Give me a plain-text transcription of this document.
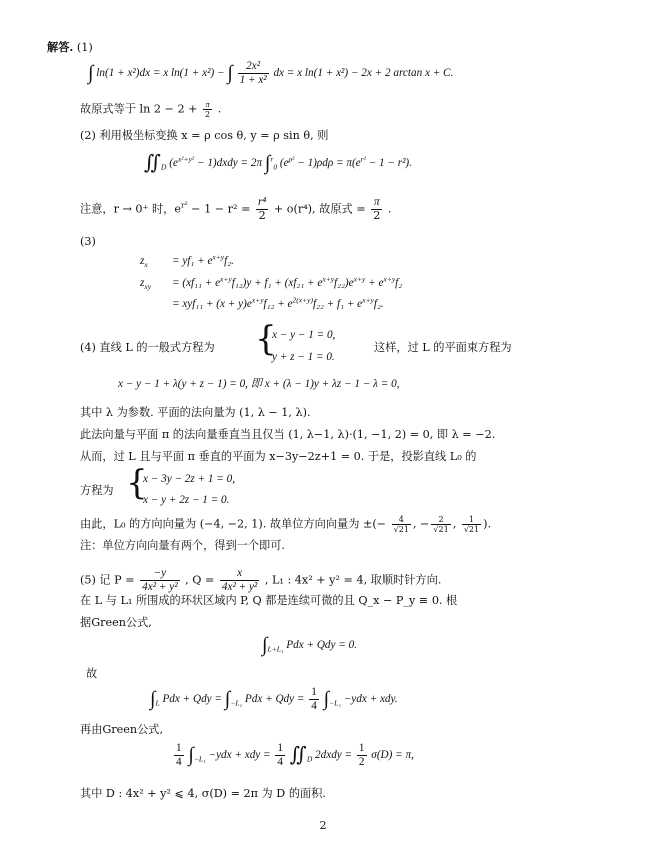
解答. (1)
∫ ln(1 + x²)dx = x ln(1 + x²) − ∫ $\frac{\text{2x²}}{\text{1 + x²}}$ dx = x ln(1 + x²) − 2x + 2 arctan x + C.
故原式等于 $\ln 2 - 2 + \frac{\pi}{2}$ .
(2) 利用极坐标变换 x = ρ cos θ, y = ρ sin θ, 则
$∬_D$ ($e^{x^2+y^2}$ − 1)dxdy = 2π ∫$^r_0$ $(e^{\rho^2} - 1)\rho d\rho = \pi(e^{r^2} - 1 - r^2)$.
注意，r → 0⁺ 时，$e^{r^2} - 1 - r^2 = \frac{\text{r⁴}}{2} + o(r^4)$, 故原式 = $\frac{\pi}{2}$ .
(3)
$z_x = yf_1 + e^{x+y}f_2$.
$z_{xy} = (xf_{11} + e^{x+y}f_{12})y + f_1 + (xf_{21} + e^{x+y}f_{22})e^{x+y} + e^{x+y}f_2$
= $xyf_{11} + (x + y)e^{x+y}f_{12} + e^{2(x+y)}f_{22} + f_1 + e^{x+y}f_2$.
(4) 直线 L 的一般式方程为 {
x − y − 1 = 0,
y + z − 1 = 0.
这样，过 L 的平面束方程为
x − y − 1 + λ(y + z − 1) = 0, 即 x + (λ − 1)y + λz − 1 − λ = 0,
其中 λ 为参数. 平面的法向量为 (1, λ − 1, λ).
此法向量与平面 π 的法向量垂直当且仅当 (1, λ−1, λ)·(1, −1, 2) = 0, 即 λ = −2.
从而，过 L 且与平面 π 垂直的平面为 x−3y−2z+1 = 0. 于是，投影直线 L₀ 的
方程为 {
x − 3y − 2z + 1 = 0,
x − y + 2z − 1 = 0.
由此，L₀ 的方向向量为 (−4, −2, 1). 故单位方向向量为 ±(− $\frac{4}{√21}$ , − $\frac{2}{√21}$ , $\frac{1}{√21}$ ).
注：单位方向向量有两个，得到一个即可.
(5) 记 $P = \frac{-y}{\text{4x² + y²}}$ , $Q = \frac{x}{\text{4x² + y²}}$ , L₁ : 4x² + y² = 4, 取顺时针方向.
在 L 与 L₁ 所围成的环状区域内 P, Q 都是连续可微的且 Q_x − P_y ≡ 0. 根
据Green公式,
$\int_{L+L_1}$ Pdx + Qdy = 0.
故
$\int_L$ Pdx + Qdy = $\int_{-L_1}$ Pdx + Qdy = $\frac{1}{4} \int_{-L_1} -ydx$ + xdy.
再由Green公式,
$\frac{1}{4} \int_{-L_1} -ydx$ + xdy = $\frac{1}{4}$ $∬_D$ 2dxdy = $\frac{1}{2} \sigma(D) = \pi$,
其中 D : 4x² + y² ⩽ 4, σ(D) = 2π 为 D 的面积.
2
